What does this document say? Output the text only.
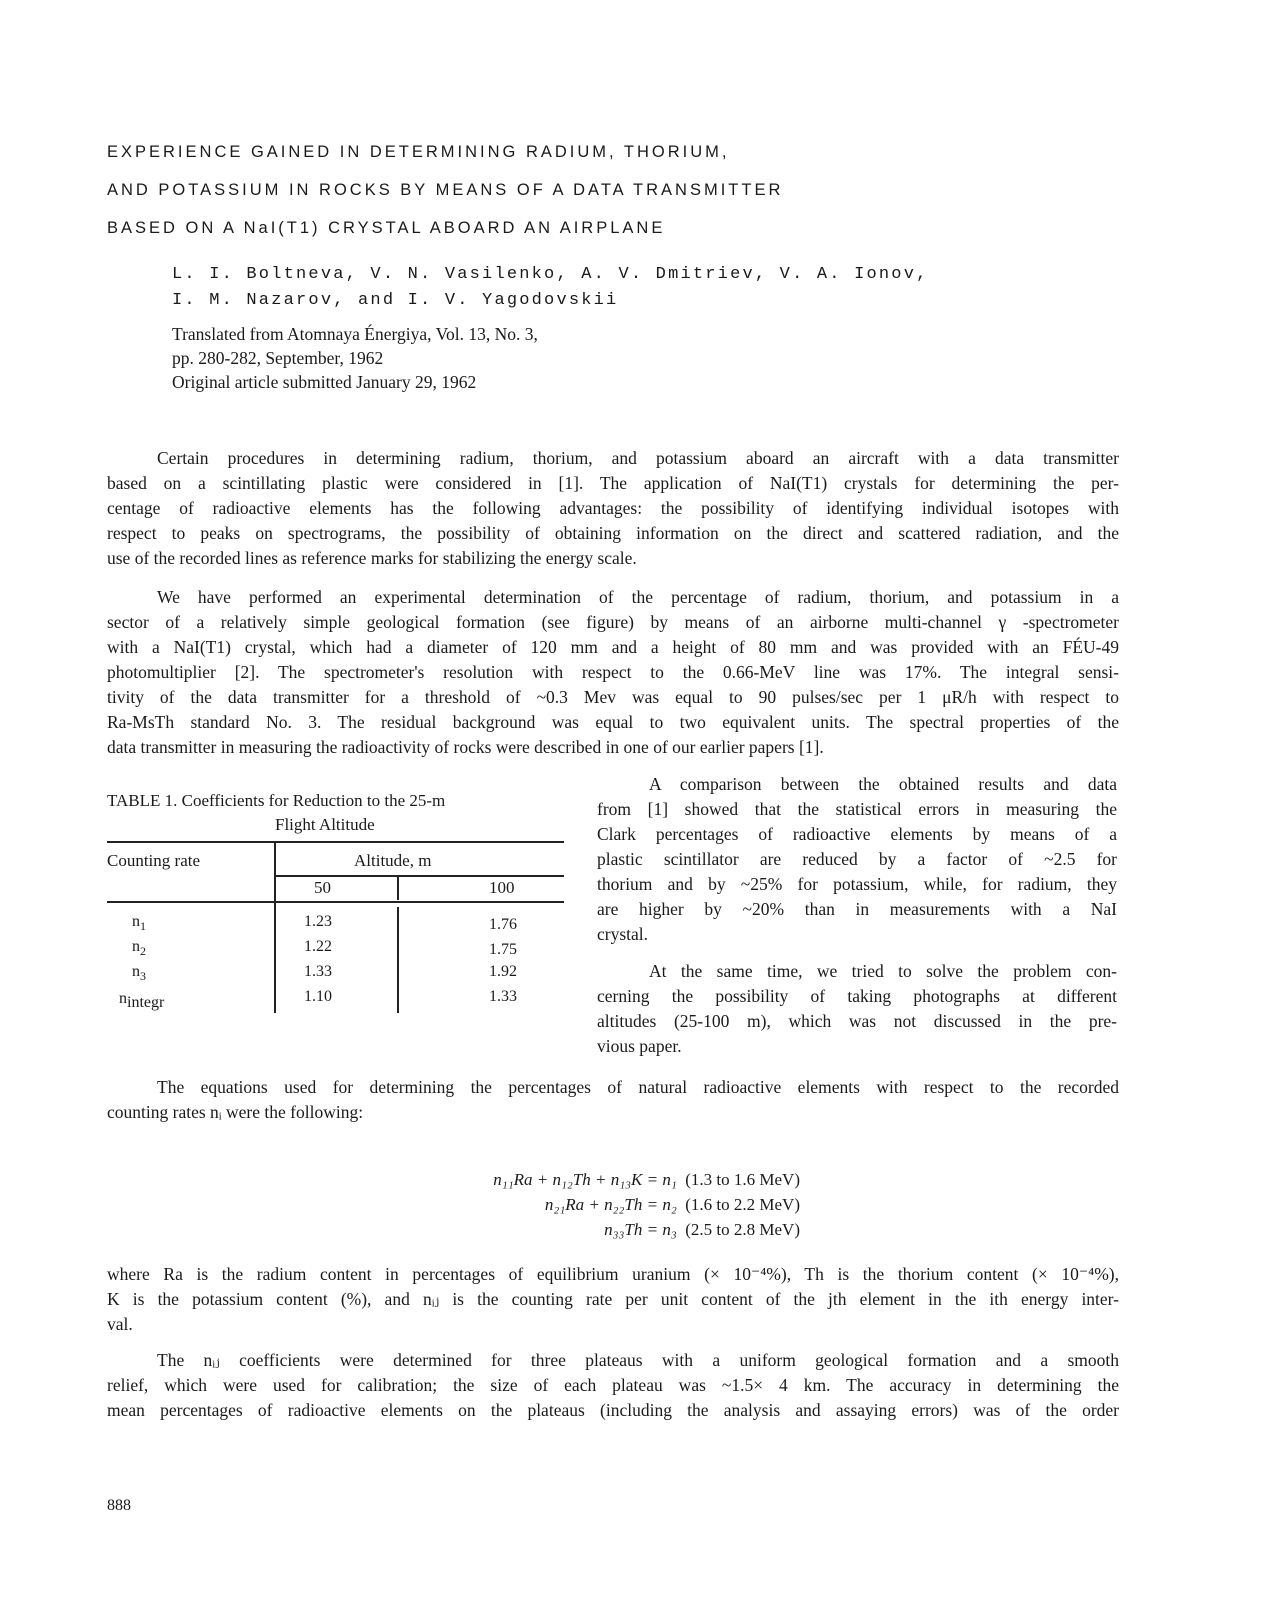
EXPERIENCE GAINED IN DETERMINING RADIUM, THORIUM,
AND POTASSIUM IN ROCKS BY MEANS OF A DATA TRANSMITTER
BASED ON A NaI(T1) CRYSTAL ABOARD AN AIRPLANE
L. I. Boltneva, V. N. Vasilenko, A. V. Dmitriev, V. A. Ionov,
I. M. Nazarov, and I. V. Yagodovskii
Translated from Atomnaya Énergiya, Vol. 13, No. 3,
pp. 280-282, September, 1962
Original article submitted January 29, 1962
Certain procedures in determining radium, thorium, and potassium aboard an aircraft with a data transmitter
based on a scintillating plastic were considered in [1]. The application of NaI(T1) crystals for determining the per-
centage of radioactive elements has the following advantages: the possibility of identifying individual isotopes with
respect to peaks on spectrograms, the possibility of obtaining information on the direct and scattered radiation, and the
use of the recorded lines as reference marks for stabilizing the energy scale.
We have performed an experimental determination of the percentage of radium, thorium, and potassium in a
sector of a relatively simple geological formation (see figure) by means of an airborne multi-channel γ -spectrometer
with a NaI(T1) crystal, which had a diameter of 120 mm and a height of 80 mm and was provided with an FÉU-49
photomultiplier [2]. The spectrometer's resolution with respect to the 0.66-MeV line was 17%. The integral sensi-
tivity of the data transmitter for a threshold of ~0.3 Mev was equal to 90 pulses/sec per 1 μR/h with respect to
Ra-MsTh standard No. 3. The residual background was equal to two equivalent units. The spectral properties of the
data transmitter in measuring the radioactivity of rocks were described in one of our earlier papers [1].
TABLE 1. Coefficients for Reduction to the 25-m
Flight Altitude
Counting rate	Altitude, m
50	100
$n_1$	1.23	1.76
$n_2$	1.22	1.75
$n_3$	1.33	1.92
$n_{integr}$	1.10	1.33
A comparison between the obtained results and data
from [1] showed that the statistical errors in measuring the
Clark percentages of radioactive elements by means of a
plastic scintillator are reduced by a factor of ~2.5 for
thorium and by ~25% for potassium, while, for radium, they
are higher by ~20% than in measurements with a NaI
crystal.
At the same time, we tried to solve the problem con-
cerning the possibility of taking photographs at different
altitudes (25-100 m), which was not discussed in the pre-
vious paper.
The equations used for determining the percentages of natural radioactive elements with respect to the recorded
counting rates nᵢ were the following:
n₁₁Ra + n₁₂Th + n₁₃K = n₁ (1.3 to 1.6 MeV)
n₂₁Ra + n₂₂Th = n₂ (1.6 to 2.2 MeV)
n₃₃Th = n₃ (2.5 to 2.8 MeV)
where Ra is the radium content in percentages of equilibrium uranium (× 10⁻⁴%), Th is the thorium content (× 10⁻⁴%),
K is the potassium content (%), and nᵢⱼ is the counting rate per unit content of the jth element in the ith energy inter-
val.
The nᵢⱼ coefficients were determined for three plateaus with a uniform geological formation and a smooth
relief, which were used for calibration; the size of each plateau was ~1.5× 4 km. The accuracy in determining the
mean percentages of radioactive elements on the plateaus (including the analysis and assaying errors) was of the order
888
